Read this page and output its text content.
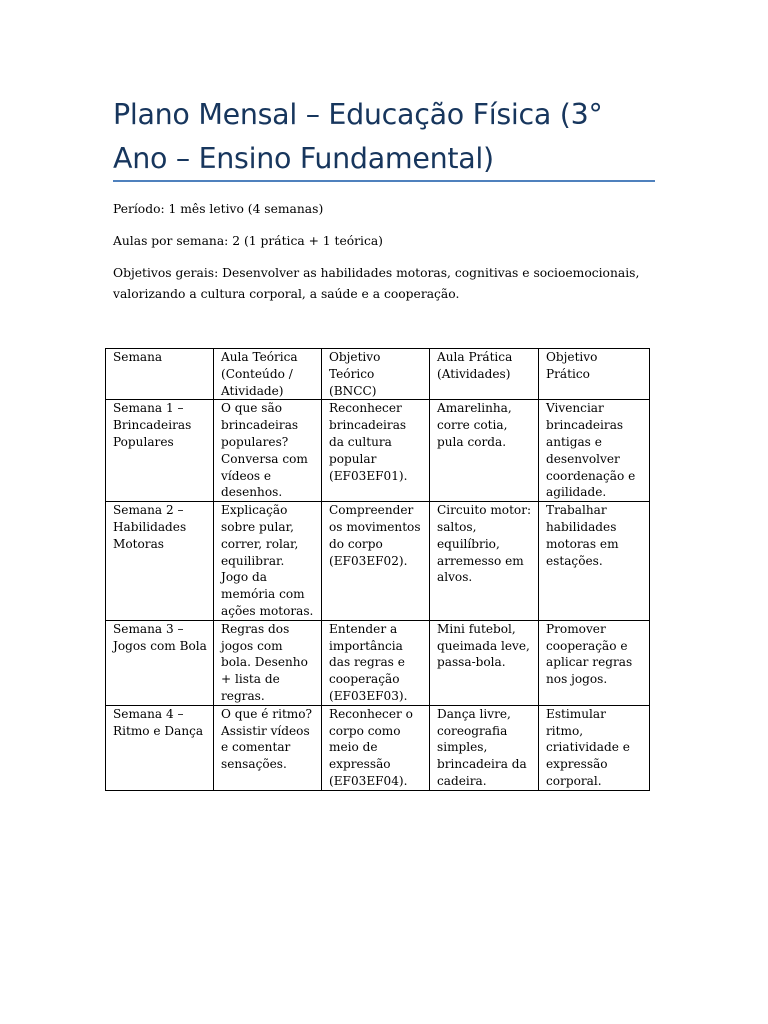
Plano Mensal – Educação Física (3° Ano – Ensino Fundamental)
Período: 1 mês letivo (4 semanas)
Aulas por semana: 2 (1 prática + 1 teórica)
Objetivos gerais: Desenvolver as habilidades motoras, cognitivas e socioemocionais, valorizando a cultura corporal, a saúde e a cooperação.
Semana	Aula Teórica (Conteúdo / Atividade)	Objetivo Teórico (BNCC)	Aula Prática (Atividades)	Objetivo Prático
Semana 1 – Brincadeiras Populares	O que são brincadeiras populares? Conversa com vídeos e desenhos.	Reconhecer brincadeiras da cultura popular (EF03EF01).	Amarelinha, corre cotia, pula corda.	Vivenciar brincadeiras antigas e desenvolver coordenação e agilidade.
Semana 2 – Habilidades Motoras	Explicação sobre pular, correr, rolar, equilibrar. Jogo da memória com ações motoras.	Compreender os movimentos do corpo (EF03EF02).	Circuito motor: saltos, equilíbrio, arremesso em alvos.	Trabalhar habilidades motoras em estações.
Semana 3 – Jogos com Bola	Regras dos jogos com bola. Desenho + lista de regras.	Entender a importância das regras e cooperação (EF03EF03).	Mini futebol, queimada leve, passa-bola.	Promover cooperação e aplicar regras nos jogos.
Semana 4 – Ritmo e Dança	O que é ritmo? Assistir vídeos e comentar sensações.	Reconhecer o corpo como meio de expressão (EF03EF04).	Dança livre, coreografia simples, brincadeira da cadeira.	Estimular ritmo, criatividade e expressão corporal.
